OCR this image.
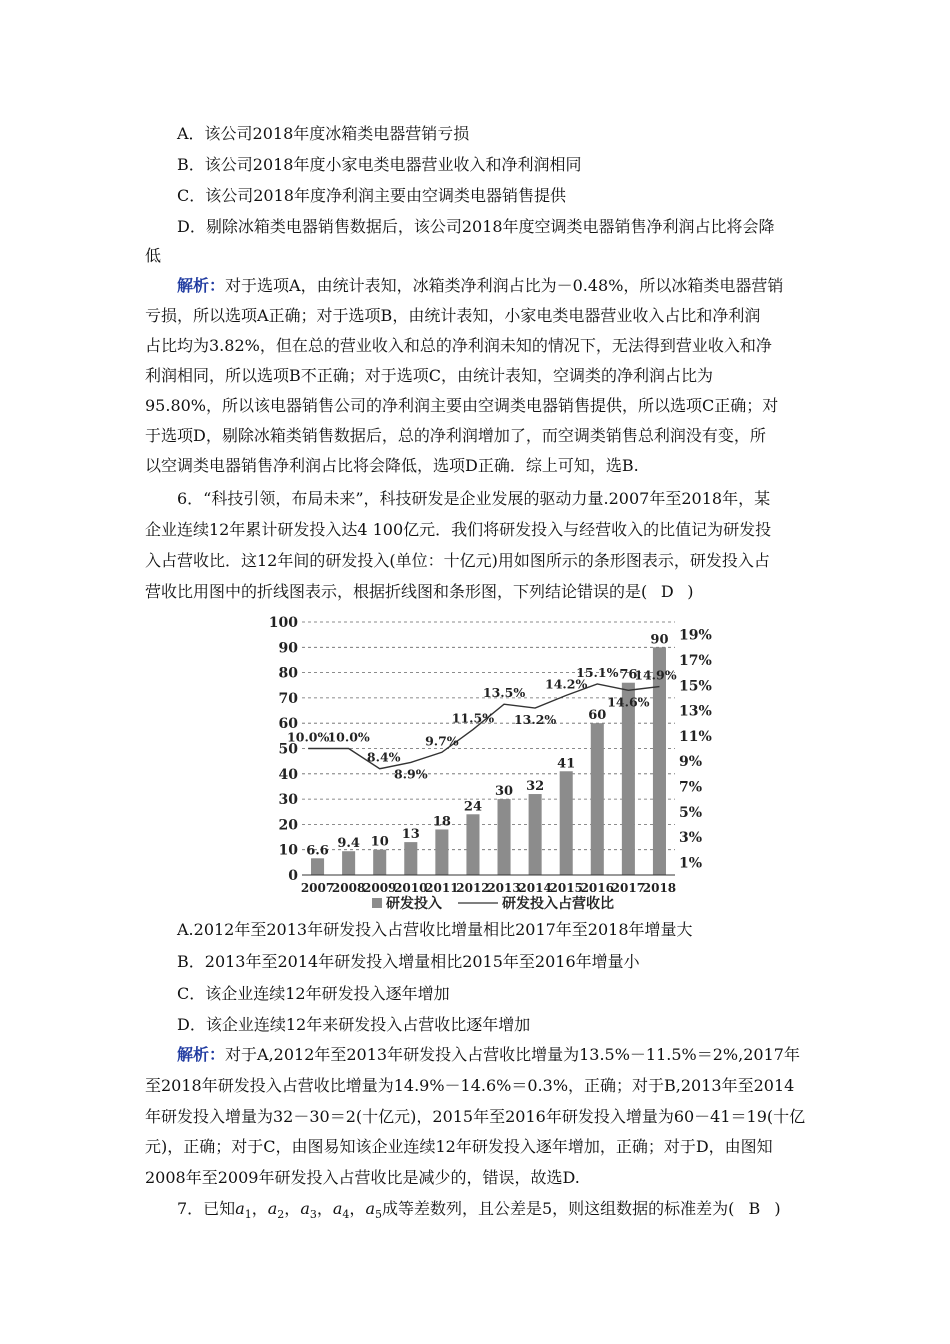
A．该公司2018年度冰箱类电器营销亏损
B．该公司2018年度小家电类电器营业收入和净利润相同
C．该公司2018年度净利润主要由空调类电器销售提供
D．剔除冰箱类电器销售数据后，该公司2018年度空调类电器销售净利润占比将会降
低
解析：对于选项A，由统计表知，冰箱类净利润占比为－0.48%，所以冰箱类电器营销
亏损，所以选项A正确；对于选项B，由统计表知，小家电类电器营业收入占比和净利润
占比均为3.82%，但在总的营业收入和总的净利润未知的情况下，无法得到营业收入和净
利润相同，所以选项B不正确；对于选项C，由统计表知，空调类的净利润占比为
95.80%，所以该电器销售公司的净利润主要由空调类电器销售提供，所以选项C正确；对
于选项D，剔除冰箱类销售数据后，总的净利润增加了，而空调类销售总利润没有变，所
以空调类电器销售净利润占比将会降低，选项D正确．综上可知，选B.
6．“科技引领，布局未来”，科技研发是企业发展的驱动力量.2007年至2018年，某
企业连续12年累计研发投入达4 100亿元．我们将研发投入与经营收入的比值记为研发投
入占营收比．这12年间的研发投入(单位：十亿元)用如图所示的条形图表示，研发投入占
营收比用图中的折线图表示，根据折线图和条形图，下列结论错误的是( D )
6.6 9.4 10
13
18
24
30 32
41
60
76
90
10.0%
10.0%
8.4%
8.9%
9.7%
11.5%
13.5%
13.2%
14.2%
15.1%
14.6%
14.9%
0
10
20
30
40
50
60
70
80
90
100
1%
3%
5%
7%
9%
11%
13%
15%
17%
19%
2007
2008
2009
2010
2011
2012
2013
2014
2015
2016
2017
2018
研发投入	研发投入占营收比
A.2012年至2013年研发投入占营收比增量相比2017年至2018年增量大
B．2013年至2014年研发投入增量相比2015年至2016年增量小
C．该企业连续12年研发投入逐年增加
D．该企业连续12年来研发投入占营收比逐年增加
解析：对于A,2012年至2013年研发投入占营收比增量为13.5%－11.5%＝2%,2017年
至2018年研发投入占营收比增量为14.9%－14.6%＝0.3%，正确；对于B,2013年至2014
年研发投入增量为32－30＝2(十亿元)，2015年至2016年研发投入增量为60－41＝19(十亿
元)，正确；对于C，由图易知该企业连续12年研发投入逐年增加，正确；对于D，由图知
2008年至2009年研发投入占营收比是减少的，错误，故选D.
7．已知$a_1$，$a_2$，$a_3$，$a_4$，$a_5$成等差数列，且公差是5，则这组数据的标准差为( B )
